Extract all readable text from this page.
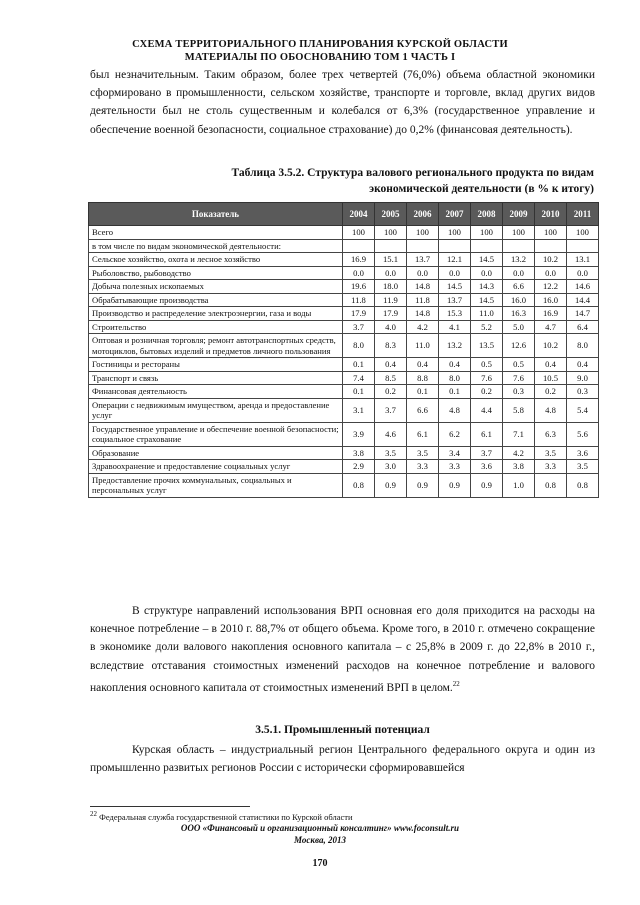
СХЕМА ТЕРРИТОРИАЛЬНОГО ПЛАНИРОВАНИЯ КУРСКОЙ ОБЛАСТИ
МАТЕРИАЛЫ ПО ОБОСНОВАНИЮ ТОМ 1 ЧАСТЬ I
был незначительным. Таким образом, более трех четвертей (76,0%) объема областной экономики сформировано в промышленности, сельском хозяйстве, транспорте и торговле, вклад других видов деятельности был не столь существенным и колебался от 6,3% (государственное управление и обеспечение военной безопасности, социальное страхование) до 0,2% (финансовая деятельность).
Таблица 3.5.2. Структура валового регионального продукта по видам
экономической деятельности (в % к итогу)
Показатель	2004	2005	2006	2007	2008	2009	2010	2011
Всего	100	100	100	100	100	100	100	100
в том числе по видам экономической деятельности:								
Сельское хозяйство, охота и лесное хозяйство	16.9	15.1	13.7	12.1	14.5	13.2	10.2	13.1
Рыболовство, рыбоводство	0.0	0.0	0.0	0.0	0.0	0.0	0.0	0.0
Добыча полезных ископаемых	19.6	18.0	14.8	14.5	14.3	6.6	12.2	14.6
Обрабатывающие производства	11.8	11.9	11.8	13.7	14.5	16.0	16.0	14.4
Производство и распределение электроэнергии, газа и воды	17.9	17.9	14.8	15.3	11.0	16.3	16.9	14.7
Строительство	3.7	4.0	4.2	4.1	5.2	5.0	4.7	6.4
Оптовая и розничная торговля; ремонт автотранспортных средств, мотоциклов, бытовых изделий и предметов личного пользования	8.0	8.3	11.0	13.2	13.5	12.6	10.2	8.0
Гостиницы и рестораны	0.1	0.4	0.4	0.4	0.5	0.5	0.4	0.4
Транспорт и связь	7.4	8.5	8.8	8.0	7.6	7.6	10.5	9.0
Финансовая деятельность	0.1	0.2	0.1	0.1	0.2	0.3	0.2	0.3
Операции с недвижимым имуществом, аренда и предоставление услуг	3.1	3.7	6.6	4.8	4.4	5.8	4.8	5.4
Государственное управление и обеспечение военной безопасности; социальное страхование	3.9	4.6	6.1	6.2	6.1	7.1	6.3	5.6
Образование	3.8	3.5	3.5	3.4	3.7	4.2	3.5	3.6
Здравоохранение и предоставление социальных услуг	2.9	3.0	3.3	3.3	3.6	3.8	3.3	3.5
Предоставление прочих коммунальных, социальных и персональных услуг	0.8	0.9	0.9	0.9	0.9	1.0	0.8	0.8
В структуре направлений использования ВРП основная его доля приходится на расходы на конечное потребление – в 2010 г. 88,7% от общего объема. Кроме того, в 2010 г. отмечено сокращение в экономике доли валового накопления основного капитала – с 25,8% в 2009 г. до 22,8% в 2010 г., вследствие отставания стоимостных изменений расходов на конечное потребление и валового накопления основного капитала от стоимостных изменений ВРП в целом.$^{22}$
3.5.1. Промышленный потенциал
Курская область – индустриальный регион Центрального федерального округа и один из промышленно развитых регионов России с исторически сформировавшейся
$^{22}$ Федеральная служба государственной статистики по Курской области
ООО «Финансовый и организационный консалтинг» www.foconsult.ru
Москва, 2013
170
